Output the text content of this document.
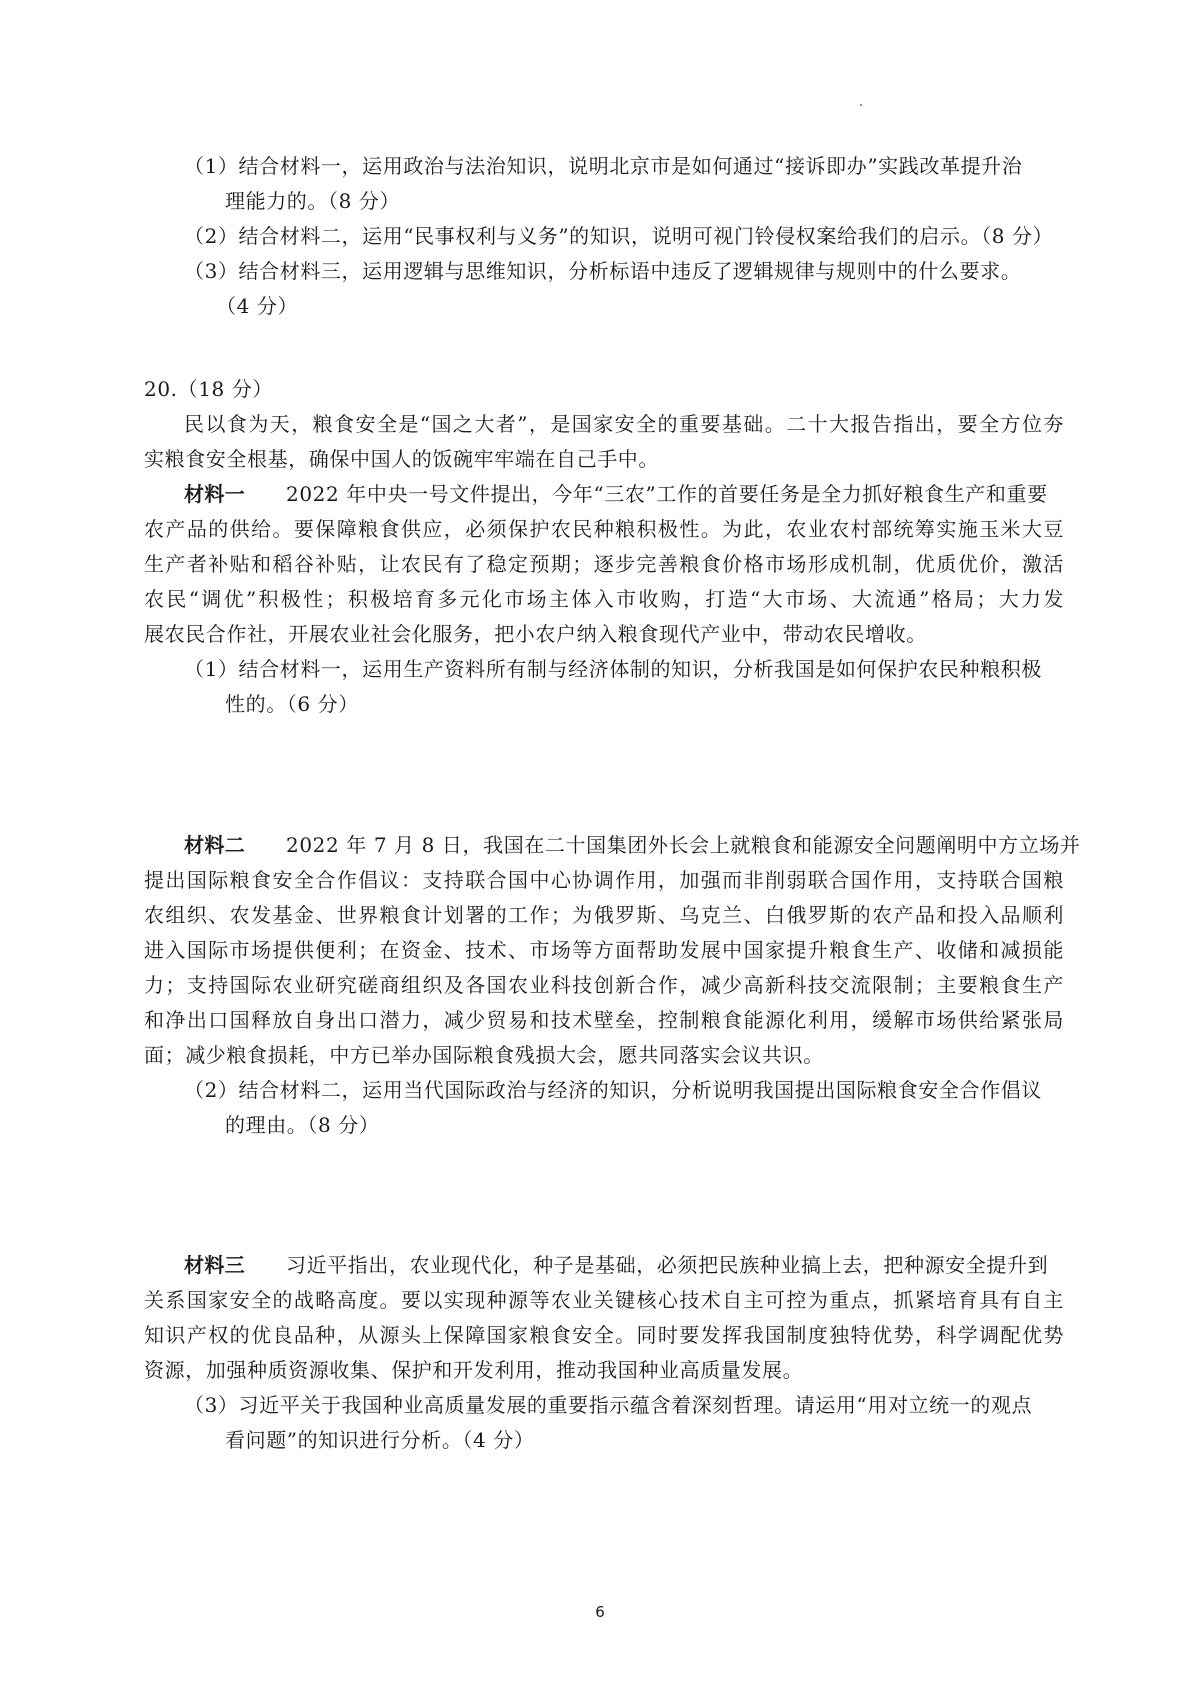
（1）结合材料一，运用政治与法治知识，说明北京市是如何通过“接诉即办”实践改革提升治
理能力的。（8 分）
（2）结合材料二，运用“民事权利与义务”的知识，说明可视门铃侵权案给我们的启示。（8 分）
（3）结合材料三，运用逻辑与思维知识，分析标语中违反了逻辑规律与规则中的什么要求。
（4 分）
20.（18 分）
民以食为天，粮食安全是“国之大者”，是国家安全的重要基础。二十大报告指出，要全方位夯
实粮食安全根基，确保中国人的饭碗牢牢端在自己手中。
材料一 2022 年中央一号文件提出，今年“三农”工作的首要任务是全力抓好粮食生产和重要
农产品的供给。要保障粮食供应，必须保护农民种粮积极性。为此，农业农村部统筹实施玉米大豆
生产者补贴和稻谷补贴，让农民有了稳定预期；逐步完善粮食价格市场形成机制，优质优价，激活
农民“调优”积极性；积极培育多元化市场主体入市收购，打造“大市场、大流通”格局；大力发
展农民合作社，开展农业社会化服务，把小农户纳入粮食现代产业中，带动农民增收。
（1）结合材料一，运用生产资料所有制与经济体制的知识，分析我国是如何保护农民种粮积极
性的。（6 分）
材料二 2022 年 7 月 8 日，我国在二十国集团外长会上就粮食和能源安全问题阐明中方立场并
提出国际粮食安全合作倡议：支持联合国中心协调作用，加强而非削弱联合国作用，支持联合国粮
农组织、农发基金、世界粮食计划署的工作；为俄罗斯、乌克兰、白俄罗斯的农产品和投入品顺利
进入国际市场提供便利；在资金、技术、市场等方面帮助发展中国家提升粮食生产、收储和减损能
力；支持国际农业研究磋商组织及各国农业科技创新合作，减少高新科技交流限制；主要粮食生产
和净出口国释放自身出口潜力，减少贸易和技术壁垒，控制粮食能源化利用，缓解市场供给紧张局
面；减少粮食损耗，中方已举办国际粮食残损大会，愿共同落实会议共识。
（2）结合材料二，运用当代国际政治与经济的知识，分析说明我国提出国际粮食安全合作倡议
的理由。（8 分）
材料三 习近平指出，农业现代化，种子是基础，必须把民族种业搞上去，把种源安全提升到
关系国家安全的战略高度。要以实现种源等农业关键核心技术自主可控为重点，抓紧培育具有自主
知识产权的优良品种，从源头上保障国家粮食安全。同时要发挥我国制度独特优势，科学调配优势
资源，加强种质资源收集、保护和开发利用，推动我国种业高质量发展。
（3）习近平关于我国种业高质量发展的重要指示蕴含着深刻哲理。请运用“用对立统一的观点
看问题”的知识进行分析。（4 分）
6
